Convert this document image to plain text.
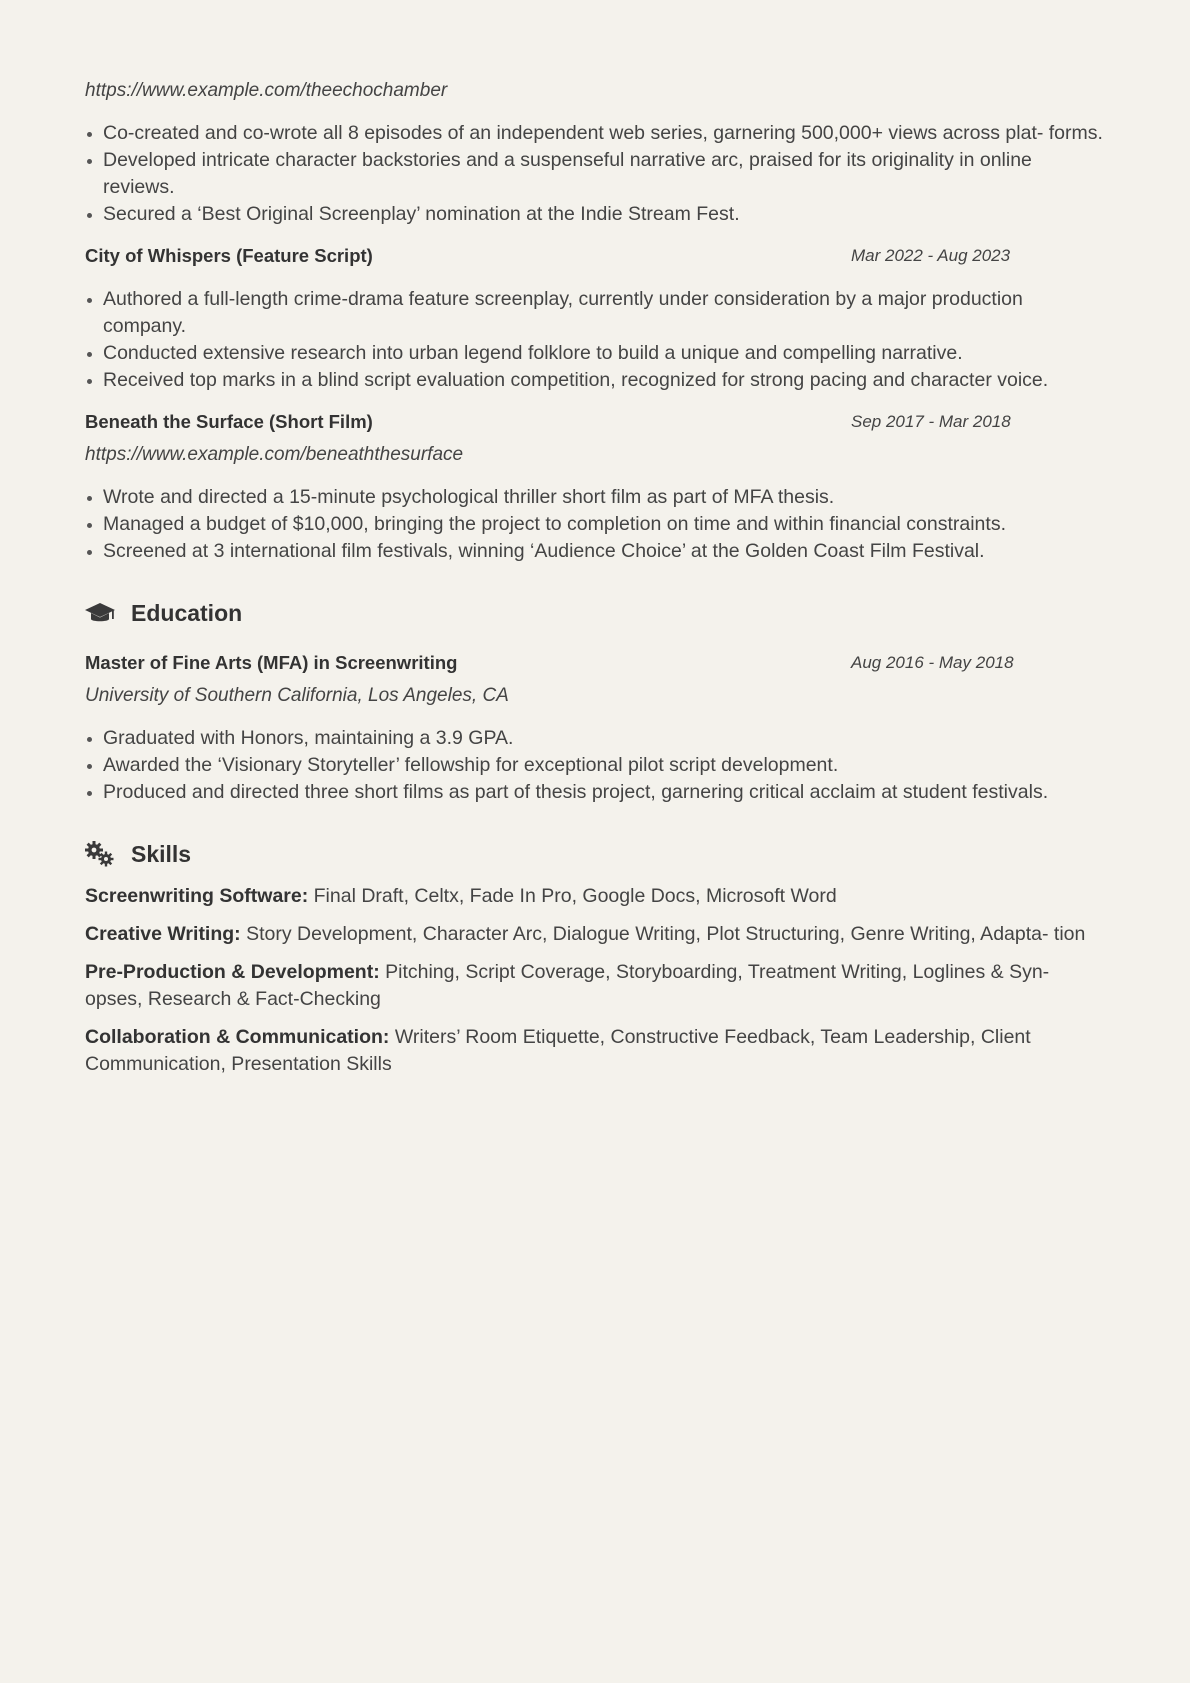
https://www.example.com/theechochamber

Co-created and co-wrote all 8 episodes of an independent web series, garnering 500,000+ views across plat- forms.
Developed intricate character backstories and a suspenseful narrative arc, praised for its originality in online reviews.
Secured a ‘Best Original Screenplay’ nomination at the Indie Stream Fest.
City of Whispers (Feature Script)	Mar 2022 - Aug 2023
Authored a full-length crime-drama feature screenplay, currently under consideration by a major production company.
Conducted extensive research into urban legend folklore to build a unique and compelling narrative.
Received top marks in a blind script evaluation competition, recognized for strong pacing and character voice.
Beneath the Surface (Short Film)	Sep 2017 - Mar 2018

https://www.example.com/beneaththesurface

Wrote and directed a 15-minute psychological thriller short film as part of MFA thesis.
Managed a budget of $10,000, bringing the project to completion on time and within financial constraints.
Screened at 3 international film festivals, winning ‘Audience Choice’ at the Golden Coast Film Festival.
Education
Master of Fine Arts (MFA) in Screenwriting	Aug 2016 - May 2018

University of Southern California, Los Angeles, CA

Graduated with Honors, maintaining a 3.9 GPA.
Awarded the ‘Visionary Storyteller’ fellowship for exceptional pilot script development.
Produced and directed three short films as part of thesis project, garnering critical acclaim at student festivals.
Skills
Screenwriting Software: Final Draft, Celtx, Fade In Pro, Google Docs, Microsoft Word
Creative Writing: Story Development, Character Arc, Dialogue Writing, Plot Structuring, Genre Writing, Adapta- tion
Pre-Production & Development: Pitching, Script Coverage, Storyboarding, Treatment Writing, Loglines & Syn- opses, Research & Fact-Checking
Collaboration & Communication: Writers’ Room Etiquette, Constructive Feedback, Team Leadership, Client Communication, Presentation Skills
